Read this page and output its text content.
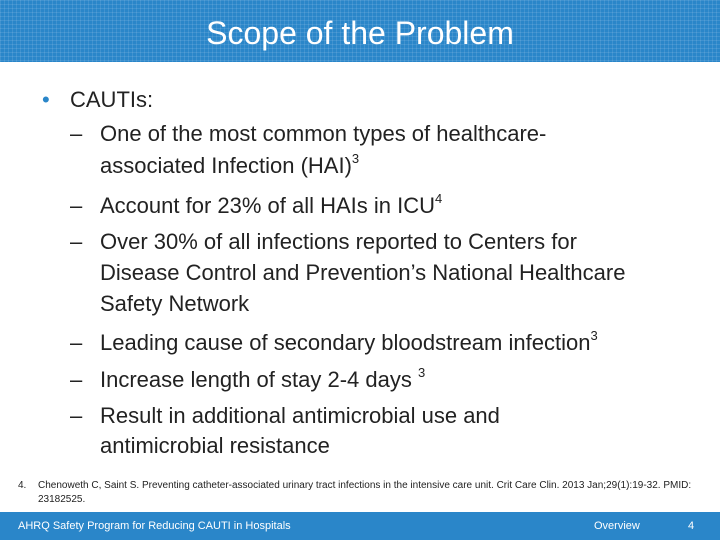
Scope of the Problem
• CAUTIs:
– One of the most common types of healthcare-
associated Infection (HAI)$^3$
– Account for 23% of all HAIs in ICU$^4$
– Over 30% of all infections reported to Centers for
Disease Control and Prevention’s National Healthcare
Safety Network
– Leading cause of secondary bloodstream infection$^3$
– Increase length of stay 2-4 days $^3$
– Result in additional antimicrobial use and
antimicrobial resistance
4. Chenoweth C, Saint S. Preventing catheter-associated urinary tract infections in the intensive care unit. Crit Care Clin. 2013 Jan;29(1):19-32. PMID: 23182525.
AHRQ Safety Program for Reducing CAUTI in Hospitals	Overview	4
